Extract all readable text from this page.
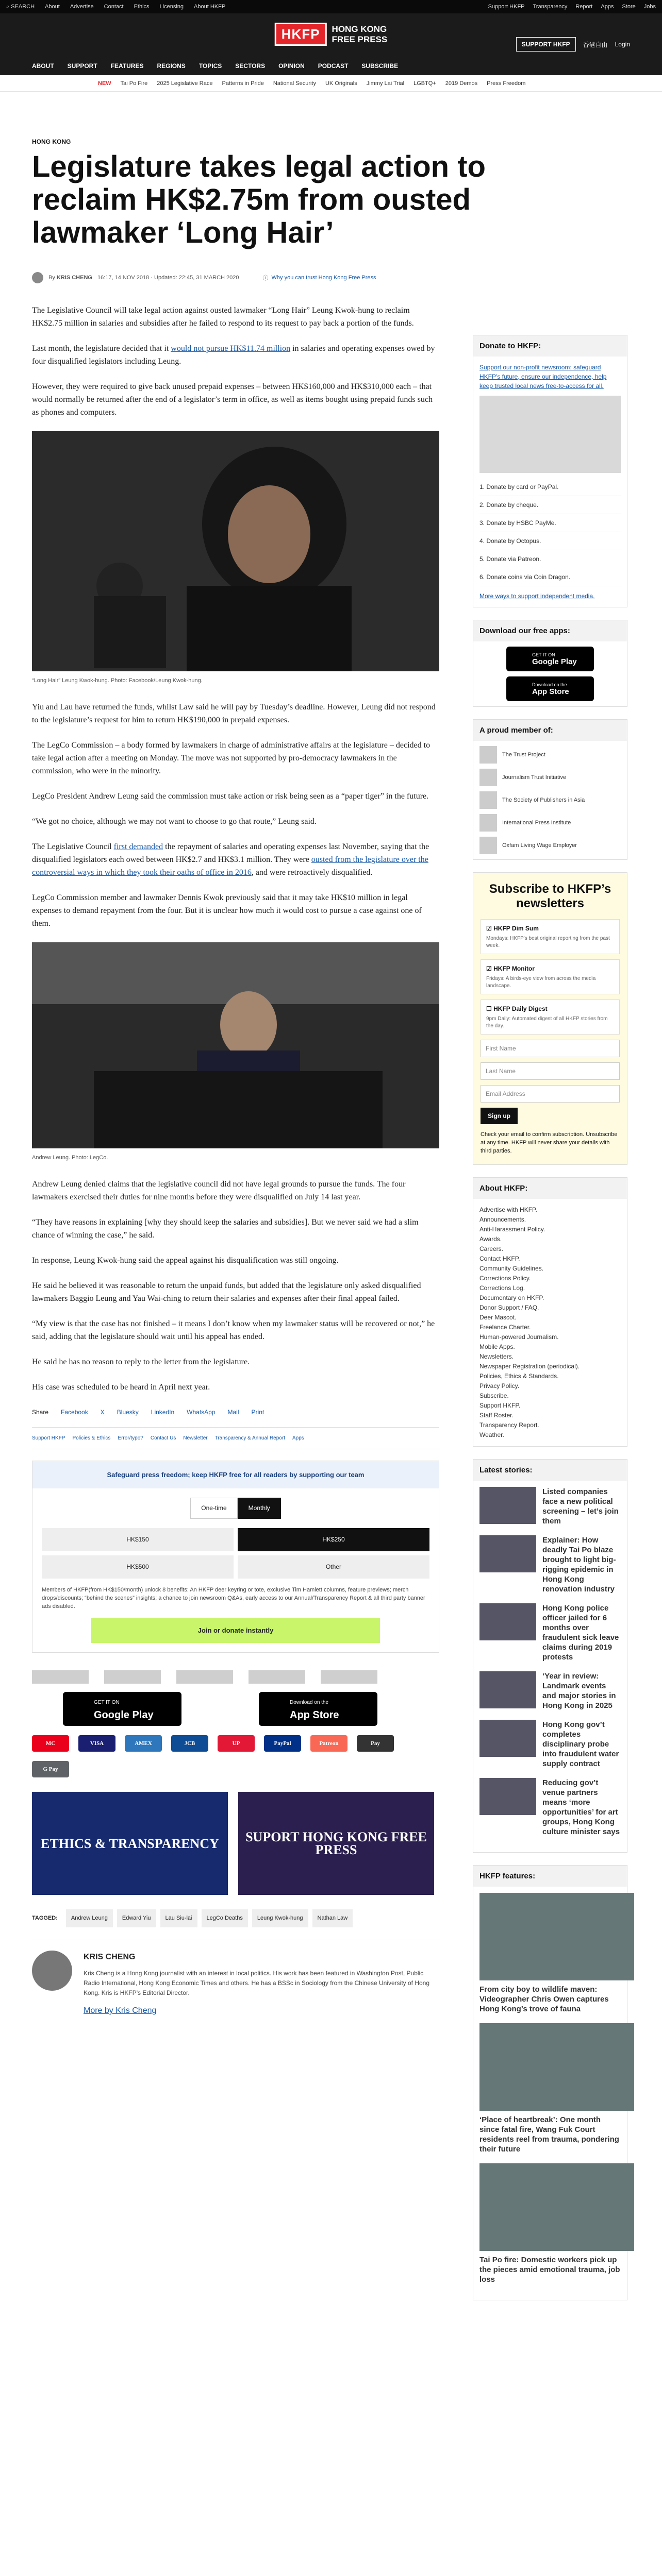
⌕ SEARCH About Advertise Contact Ethics Licensing About HKFP	Support HKFP Transparency Report Apps Store Jobs
HKFP	HONG KONG
FREE PRESS
SUPPORT HKFP	香港自由 Login
ABOUT SUPPORT FEATURES REGIONS TOPICS SECTORS OPINION PODCAST SUBSCRIBE
NEW Tai Po Fire 2025 Legislative Race Patterns in Pride National Security UK Originals Jimmy Lai Trial LGBTQ+ 2019 Demos Press Freedom
HONG KONG
Legislature takes legal action to reclaim HK$2.75m from ousted lawmaker ‘Long Hair’
By KRIS CHENG 16:17, 14 NOV 2018 · Updated: 22:45, 31 MARCH 2020	ⓘ Why you can trust Hong Kong Free Press

The Legislative Council will take legal action against ousted lawmaker “Long Hair” Leung Kwok-hung to reclaim HK$2.75 million in salaries and subsidies after he failed to respond to its request to pay back a portion of the funds.

Last month, the legislature decided that it would not pursue HK$11.74 million in salaries and operating expenses owed by four disqualified legislators including Leung.

However, they were required to give back unused prepaid expenses – between HK$160,000 and HK$310,000 each – that would normally be returned after the end of a legislator’s term in office, as well as items bought using prepaid funds such as phones and computers.

“Long Hair” Leung Kwok-hung. Photo: Facebook/Leung Kwok-hung.

Yiu and Lau have returned the funds, whilst Law said he will pay by Tuesday’s deadline. However, Leung did not respond to the legislature’s request for him to return HK$190,000 in prepaid expenses.

The LegCo Commission – a body formed by lawmakers in charge of administrative affairs at the legislature – decided to take legal action after a meeting on Monday. The move was not supported by pro-democracy lawmakers in the commission, who were in the minority.

LegCo President Andrew Leung said the commission must take action or risk being seen as a “paper tiger” in the future.

“We got no choice, although we may not want to choose to go that route,” Leung said.

The Legislative Council first demanded the repayment of salaries and operating expenses last November, saying that the disqualified legislators each owed between HK$2.7 and HK$3.1 million. They were ousted from the legislature over the controversial ways in which they took their oaths of office in 2016, and were retroactively disqualified.

LegCo Commission member and lawmaker Dennis Kwok previously said that it may take HK$10 million in legal expenses to demand repayment from the four. But it is unclear how much it would cost to pursue a case against one of them.

Andrew Leung. Photo: LegCo.

Andrew Leung denied claims that the legislative council did not have legal grounds to pursue the funds. The four lawmakers exercised their duties for nine months before they were disqualified on July 14 last year.

“They have reasons in explaining [why they should keep the salaries and subsidies]. But we never said we had a slim chance of winning the case,” he said.

In response, Leung Kwok-hung said the appeal against his disqualification was still ongoing.

He said he believed it was reasonable to return the unpaid funds, but added that the legislature only asked disqualified lawmakers Baggio Leung and Yau Wai-ching to return their salaries and expenses after their final appeal failed.

“My view is that the case has not finished – it means I don’t know when my lawmaker status will be recovered or not,” he said, adding that the legislature should wait until his appeal has ended.

He said he has no reason to reply to the letter from the legislature.

His case was scheduled to be heard in April next year.

Share Facebook X Bluesky LinkedIn WhatsApp Mail Print
Support HKFP Policies & Ethics Error/typo? Contact Us Newsletter Transparency & Annual Report Apps
Safeguard press freedom; keep HKFP free for all readers by supporting our team
One-time	Monthly
HK$150	HK$250
HK$500	Other
Members of HKFP(from HK$150/month) unlock 8 benefits: An HKFP deer keyring or tote, exclusive Tim Hamlett columns, feature previews; merch drops/discounts; “behind the scenes” insights; a chance to join newsroom Q&As, early access to our Annual/Transparency Report & all third party banner ads disabled.
Join or donate instantly
GET IT ON
Google Play
Download on the
App Store
MC	VISA	AMEX	JCB	UP	PayPal	Patreon	Pay
G Pay
ETHICS & TRANSPARENCY	SUPORT HONG KONG FREE PRESS
TAGGED:	Andrew Leung	Edward Yiu	Lau Siu-lai	LegCo Deaths	Leung Kwok-hung	Nathan Law
KRIS CHENG

Kris Cheng is a Hong Kong journalist with an interest in local politics. His work has been featured in Washington Post, Public Radio International, Hong Kong Economic Times and others. He has a BSSc in Sociology from the Chinese University of Hong Kong. Kris is HKFP's Editorial Director.

More by Kris Cheng
Donate to HKFP:

Support our non-profit newsroom: safeguard HKFP's future, ensure our independence, help keep trusted local news free-to-access for all.

1. Donate by card or PayPal.
2. Donate by cheque.
3. Donate by HSBC PayMe.
4. Donate by Octopus.
5. Donate via Patreon.
6. Donate coins via Coin Dragon.

More ways to support independent media.

Download our free apps:
GET IT ON
Google Play
Download on the
App Store
A proud member of:
The Trust Project
Journalism Trust Initiative
The Society of Publishers in Asia
International Press Institute
Oxfam Living Wage Employer
Subscribe to HKFP’s newsletters
☑ HKFP Dim Sum
Mondays: HKFP's best original reporting from the past week.
☑ HKFP Monitor
Fridays: A birds-eye view from across the media landscape.
☐ HKFP Daily Digest
9pm Daily: Automated digest of all HKFP stories from the day.
First Name
Last Name
Email Address
Sign up

Check your email to confirm subscription. Unsubscribe at any time. HKFP will never share your details with third parties.

About HKFP:
Advertise with HKFP.
Announcements.
Anti-Harassment Policy.
Awards.
Careers.
Contact HKFP.
Community Guidelines.
Corrections Policy.
Corrections Log.
Documentary on HKFP.
Donor Support / FAQ.
Deer Mascot.
Freelance Charter.
Human-powered Journalism.
Mobile Apps.
Newsletters.
Newspaper Registration (periodical).
Policies, Ethics & Standards.
Privacy Policy.
Subscribe.
Support HKFP.
Staff Roster.
Transparency Report.
Weather.
Latest stories:
Listed companies face a new political screening – let’s join them
Explainer: How deadly Tai Po blaze brought to light big-rigging epidemic in Hong Kong renovation industry
Hong Kong police officer jailed for 6 months over fraudulent sick leave claims during 2019 protests
‘Year in review: Landmark events and major stories in Hong Kong in 2025
Hong Kong gov’t completes disciplinary probe into fraudulent water supply contract
Reducing gov’t venue partners means ‘more opportunities’ for art groups, Hong Kong culture minister says
HKFP features:
From city boy to wildlife maven: Videographer Chris Owen captures Hong Kong’s trove of fauna
‘Place of heartbreak’: One month since fatal fire, Wang Fuk Court residents reel from trauma, pondering their future
Tai Po fire: Domestic workers pick up the pieces amid emotional trauma, job loss
